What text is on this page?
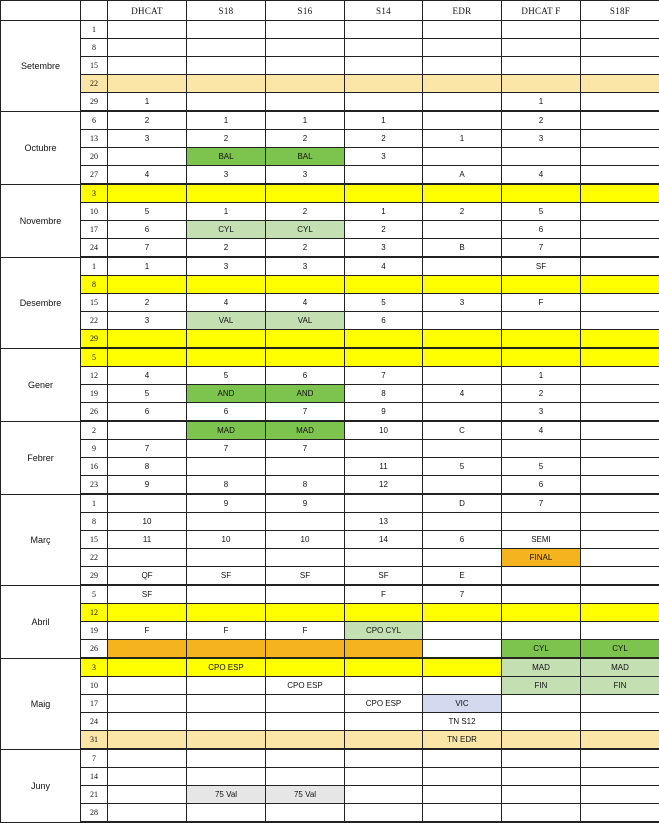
		DHCAT	S18	S16	S14	EDR	DHCAT F	S18F
Setembre	1							
	8							
	15							
	22							
	29	1					1	
Octubre	6	2	1	1	1		2	
	13	3	2	2	2	1	3	
	20		BAL	BAL	3			
	27	4	3	3		A	4	
Novembre	3							
	10	5	1	2	1	2	5	
	17	6	CYL	CYL	2		6	
	24	7	2	2	3	B	7	
Desembre	1	1	3	3	4		SF	
	8							
	15	2	4	4	5	3	F	
	22	3	VAL	VAL	6			
	29							
Gener	5							
	12	4	5	6	7		1	
	19	5	AND	AND	8	4	2	
	26	6	6	7	9		3	
Febrer	2		MAD	MAD	10	C	4	
	9	7	7	7				
	16	8			11	5	5	
	23	9	8	8	12		6	
Març	1		9	9		D	7	
	8	10			13			
	15	11	10	10	14	6	SEMI	
	22						FINAL	
	29	QF	SF	SF	SF	E		
Abril	5	SF			F	7		
	12							
	19	F	F	F	CPO CYL			
	26						CYL	CYL
Maig	3		CPO ESP				MAD	MAD
	10			CPO ESP			FIN	FIN
	17				CPO ESP	VIC		
	24					TN S12		
	31					TN EDR		
Juny	7							
	14							
	21		75 Val	75 Val				
	28							
